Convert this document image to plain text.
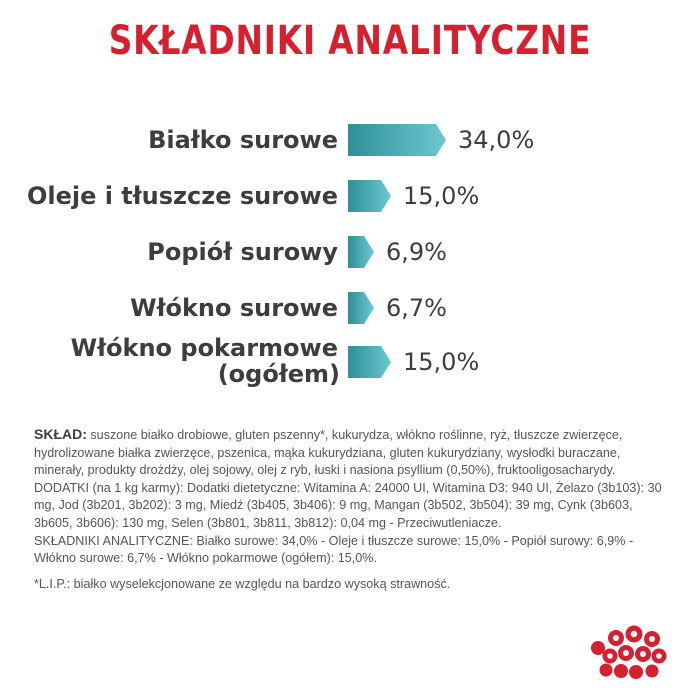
SKŁADNIKI ANALITYCZNE
Białko surowe	34,0%
Oleje i tłuszcze surowe	15,0%
Popiół surowy 6,9%
Włókno surowe 6,7%
Włókno pokarmowe
(ogółem)	15,0%
SKŁAD: suszone białko drobiowe, gluten pszenny*, kukurydza, włókno roślinne, ryż, tłuszcze zwierzęce, hydrolizowane białka zwierzęce, pszenica, mąka kukurydziana, gluten kukurydziany, wysłodki buraczane, minerały, produkty drożdży, olej sojowy, olej z ryb, łuski i nasiona psyllium (0,50%), fruktooligosacharydy.
DODATKI (na 1 kg karmy): Dodatki dietetyczne: Witamina A: 24000 UI, Witamina D3: 940 UI, Żelazo (3b103): 30 mg, Jod (3b201, 3b202): 3 mg, Miedź (3b405, 3b406): 9 mg, Mangan (3b502, 3b504): 39 mg, Cynk (3b603, 3b605, 3b606): 130 mg, Selen (3b801, 3b811, 3b812): 0,04 mg - Przeciwutleniacze.
SKŁADNIKI ANALITYCZNE: Białko surowe: 34,0% - Oleje i tłuszcze surowe: 15,0% - Popiół surowy: 6,9% - Włókno surowe: 6,7% - Włókno pokarmowe (ogółem): 15,0%.
*L.I.P.: białko wyselekcjonowane ze względu na bardzo wysoką strawność.
